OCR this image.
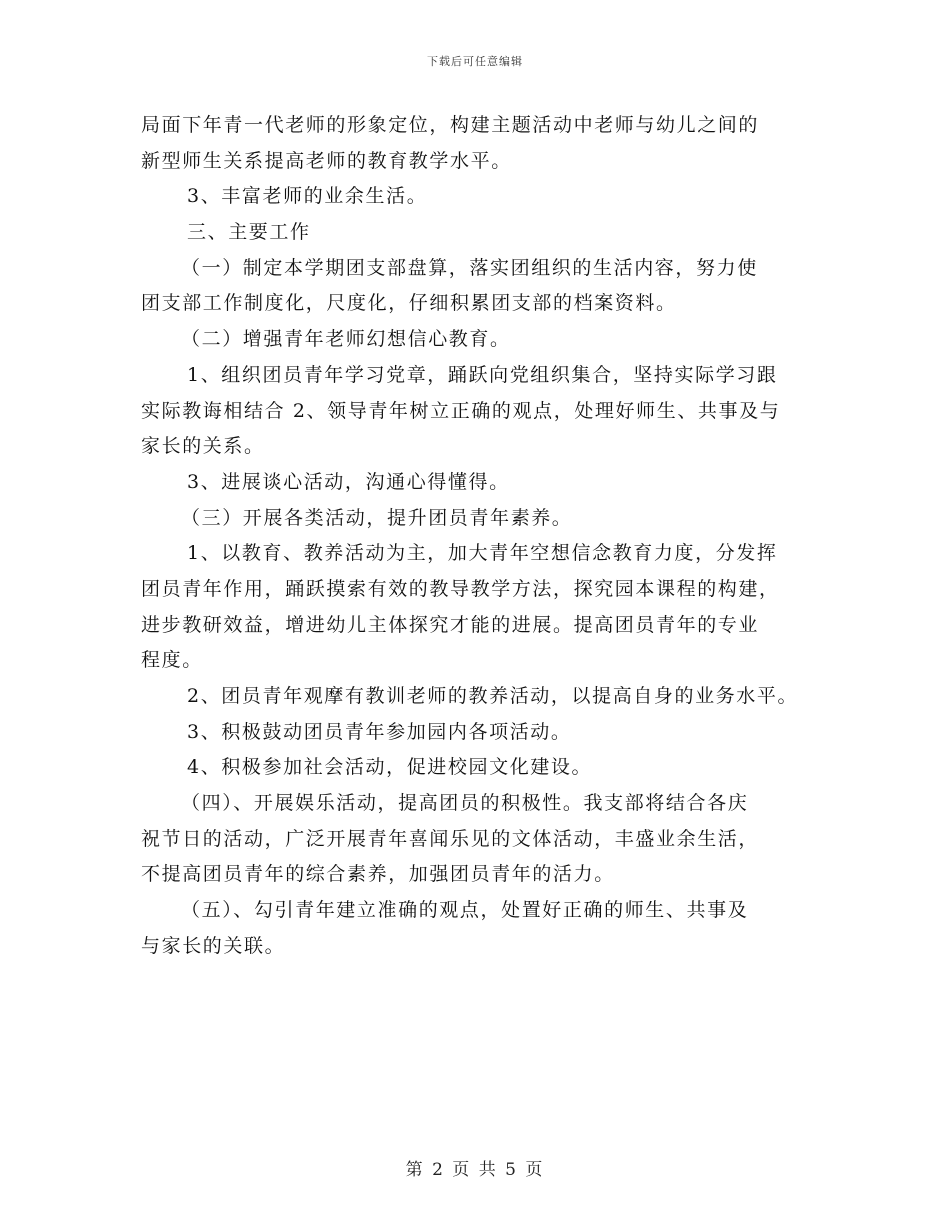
下载后可任意编辑
局面下年青一代老师的形象定位，构建主题活动中老师与幼儿之间的
新型师生关系提高老师的教育教学水平。
3、丰富老师的业余生活。
三、主要工作
（一）制定本学期团支部盘算，落实团组织的生活内容，努力使
团支部工作制度化，尺度化，仔细积累团支部的档案资料。
（二）增强青年老师幻想信心教育。
1、组织团员青年学习党章，踊跃向党组织集合，坚持实际学习跟
实际教诲相结合 2、领导青年树立正确的观点，处理好师生、共事及与
家长的关系。
3、进展谈心活动，沟通心得懂得。
（三）开展各类活动，提升团员青年素养。
1、以教育、教养活动为主，加大青年空想信念教育力度，分发挥
团员青年作用，踊跃摸索有效的教导教学方法，探究园本课程的构建，
进步教研效益，增进幼儿主体探究才能的进展。提高团员青年的专业
程度。
2、团员青年观摩有教训老师的教养活动，以提高自身的业务水平。
3、积极鼓动团员青年参加园内各项活动。
4、积极参加社会活动，促进校园文化建设。
（四）、开展娱乐活动，提高团员的积极性。我支部将结合各庆
祝节日的活动，广泛开展青年喜闻乐见的文体活动，丰盛业余生活，
不提高团员青年的综合素养，加强团员青年的活力。
（五）、勾引青年建立准确的观点，处置好正确的师生、共事及
与家长的关联。
第 2 页 共 5 页
